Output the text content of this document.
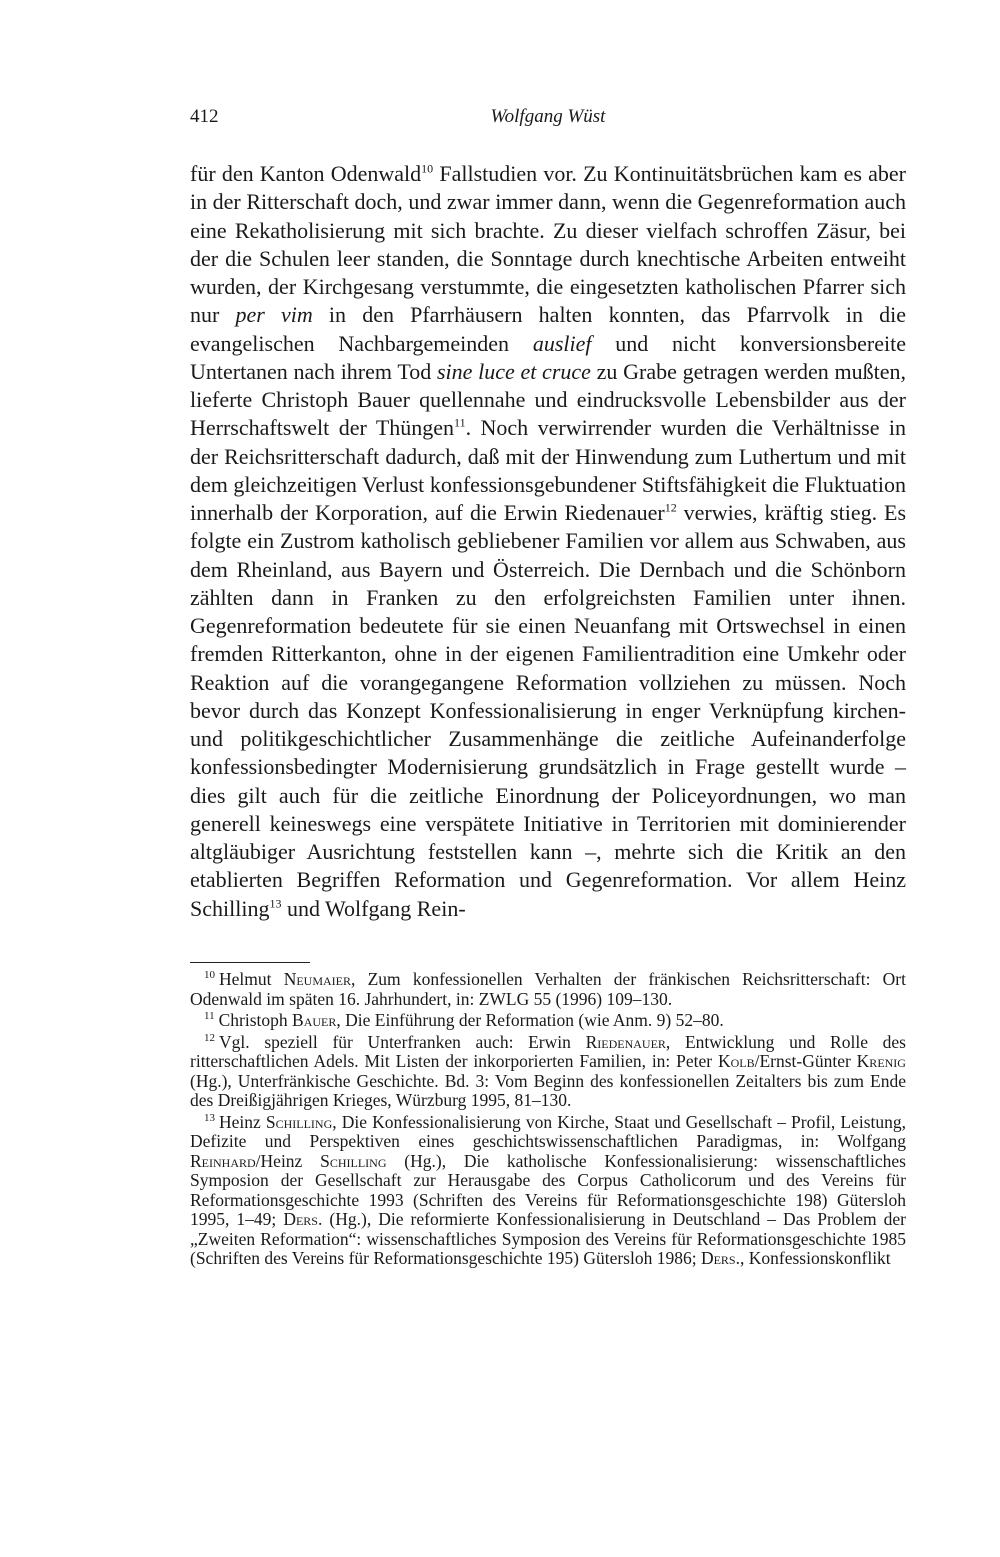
412	Wolfgang Wüst

für den Kanton Odenwald$^{10}$ Fallstudien vor. Zu Kontinuitätsbrüchen kam es aber in der Ritterschaft doch, und zwar immer dann, wenn die Gegenreformation auch eine Rekatholisierung mit sich brachte. Zu dieser vielfach schroffen Zäsur, bei der die Schulen leer standen, die Sonntage durch knechtische Arbeiten entweiht wurden, der Kirchgesang verstummte, die eingesetzten katholischen Pfarrer sich nur per vim in den Pfarrhäusern halten konnten, das Pfarrvolk in die evangelischen Nachbargemeinden auslief und nicht konversionsbereite Untertanen nach ihrem Tod sine luce et cruce zu Grabe getragen werden mußten, lieferte Christoph Bauer quellennahe und eindrucksvolle Lebensbilder aus der Herrschaftswelt der Thüngen$^{11}$. Noch verwirrender wurden die Verhältnisse in der Reichsritterschaft dadurch, daß mit der Hinwendung zum Luthertum und mit dem gleichzeitigen Verlust konfessionsgebundener Stiftsfähigkeit die Fluktuation innerhalb der Korporation, auf die Erwin Riedenauer$^{12}$ verwies, kräftig stieg. Es folgte ein Zustrom katholisch gebliebener Familien vor allem aus Schwaben, aus dem Rheinland, aus Bayern und Österreich. Die Dernbach und die Schönborn zählten dann in Franken zu den erfolgreichsten Familien unter ihnen. Gegenreformation bedeutete für sie einen Neuanfang mit Ortswechsel in einen fremden Ritterkanton, ohne in der eigenen Familientradition eine Umkehr oder Reaktion auf die vorangegangene Reformation vollziehen zu müssen. Noch bevor durch das Konzept Konfessionalisierung in enger Verknüpfung kirchen- und politikgeschichtlicher Zusammenhänge die zeitliche Aufeinanderfolge konfessionsbedingter Modernisierung grundsätzlich in Frage gestellt wurde – dies gilt auch für die zeitliche Einordnung der Policeyordnungen, wo man generell keineswegs eine verspätete Initiative in Territorien mit dominierender altgläubiger Ausrichtung feststellen kann –, mehrte sich die Kritik an den etablierten Begriffen Reformation und Gegenreformation. Vor allem Heinz Schilling$^{13}$ und Wolfgang Rein-

$^{10}$ Helmut Neumaier, Zum konfessionellen Verhalten der fränkischen Reichsritterschaft: Ort Odenwald im späten 16. Jahrhundert, in: ZWLG 55 (1996) 109–130.

$^{11}$ Christoph Bauer, Die Einführung der Reformation (wie Anm. 9) 52–80.

$^{12}$ Vgl. speziell für Unterfranken auch: Erwin Riedenauer, Entwicklung und Rolle des ritterschaftlichen Adels. Mit Listen der inkorporierten Familien, in: Peter Kolb/Ernst-Günter Krenig (Hg.), Unterfränkische Geschichte. Bd. 3: Vom Beginn des konfessionellen Zeitalters bis zum Ende des Dreißigjährigen Krieges, Würzburg 1995, 81–130.

$^{13}$ Heinz Schilling, Die Konfessionalisierung von Kirche, Staat und Gesellschaft – Profil, Leistung, Defizite und Perspektiven eines geschichtswissenschaftlichen Paradigmas, in: Wolfgang Reinhard/Heinz Schilling (Hg.), Die katholische Konfessionalisierung: wissenschaftliches Symposion der Gesellschaft zur Herausgabe des Corpus Catholicorum und des Vereins für Reformationsgeschichte 1993 (Schriften des Vereins für Reformationsgeschichte 198) Gütersloh 1995, 1–49; Ders. (Hg.), Die reformierte Konfessionalisierung in Deutschland – Das Problem der „Zweiten Reformation“: wissenschaftliches Symposion des Vereins für Reformationsgeschichte 1985 (Schriften des Vereins für Reformationsgeschichte 195) Gütersloh 1986; Ders., Konfessionskonflikt
